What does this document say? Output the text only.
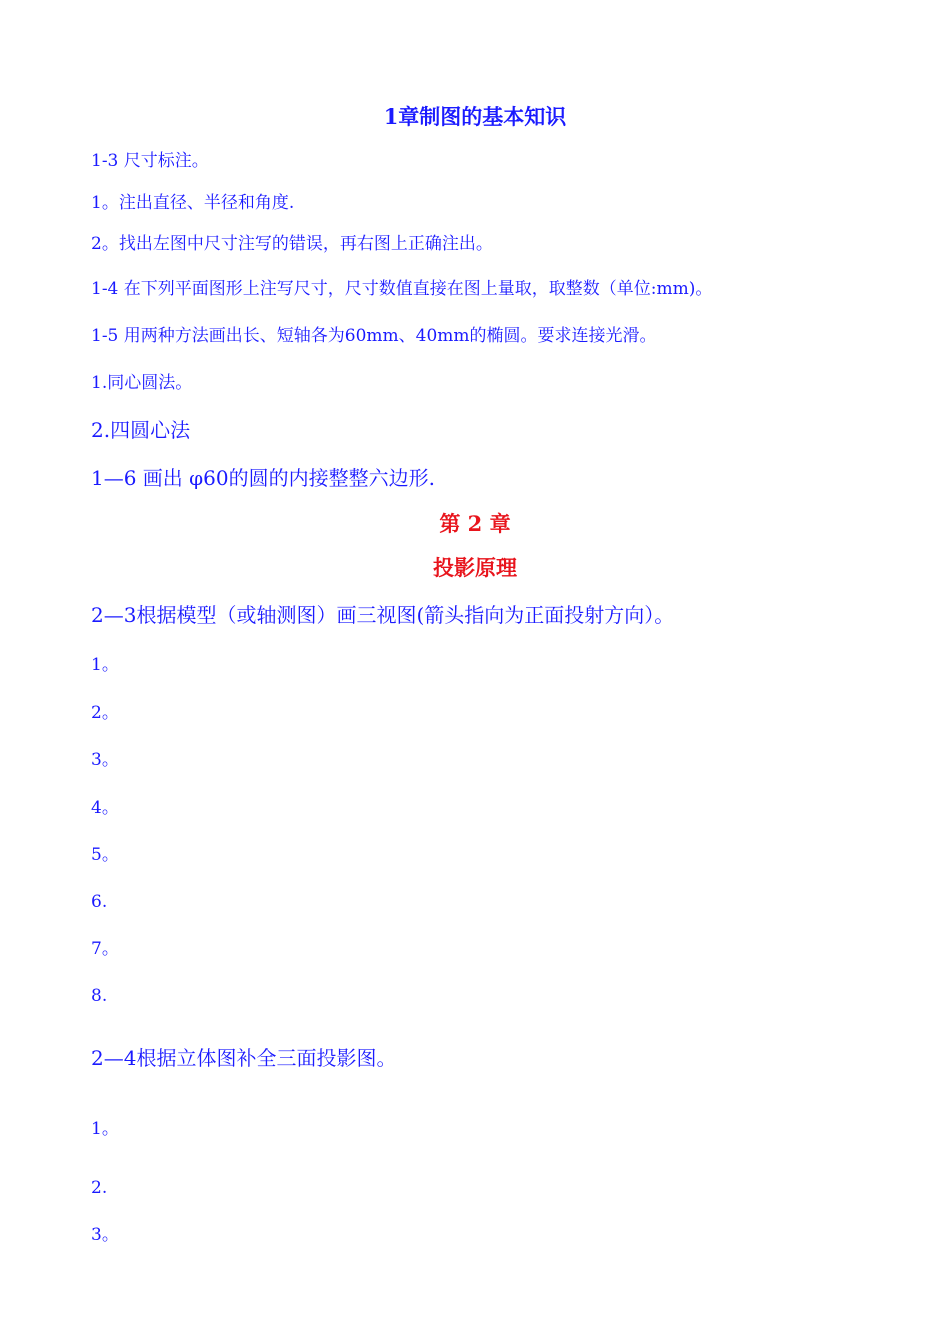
1章制图的基本知识
1-3 尺寸标注。
1。注出直径、半径和角度.
2。找出左图中尺寸注写的错误，再右图上正确注出。
1-4 在下列平面图形上注写尺寸，尺寸数值直接在图上量取，取整数（单位:mm)。
1-5 用两种方法画出长、短轴各为60mm、40mm的椭圆。要求连接光滑。
1.同心圆法。
2.四圆心法
1—6 画出 φ60的圆的内接整整六边形.
第 2 章
投影原理
2—3根据模型（或轴测图）画三视图(箭头指向为正面投射方向）。
1。
2。
3。
4。
5。
6.
7。
8.
2—4根据立体图补全三面投影图。
1。
2.
3。
